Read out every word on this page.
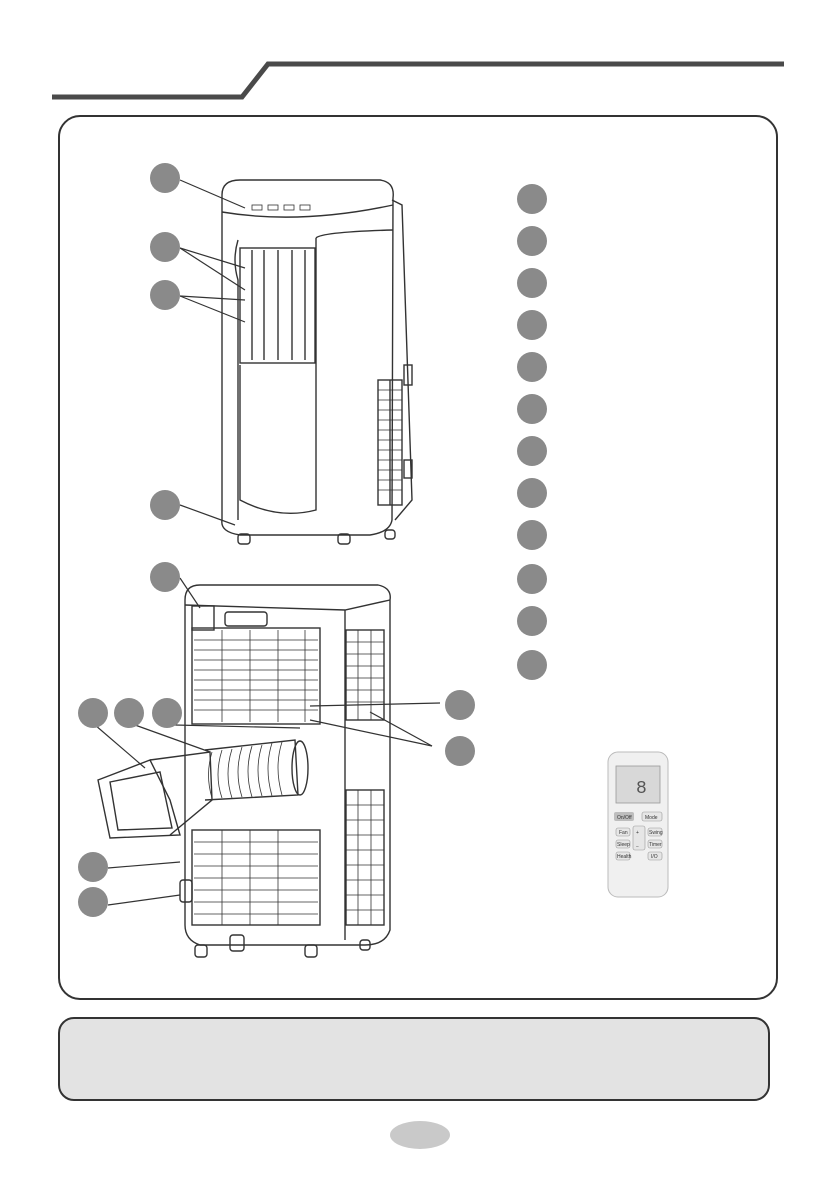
8
On/Off	Mode
Fan	Swing
Sleep	Timer
Health	I/O
+
−
